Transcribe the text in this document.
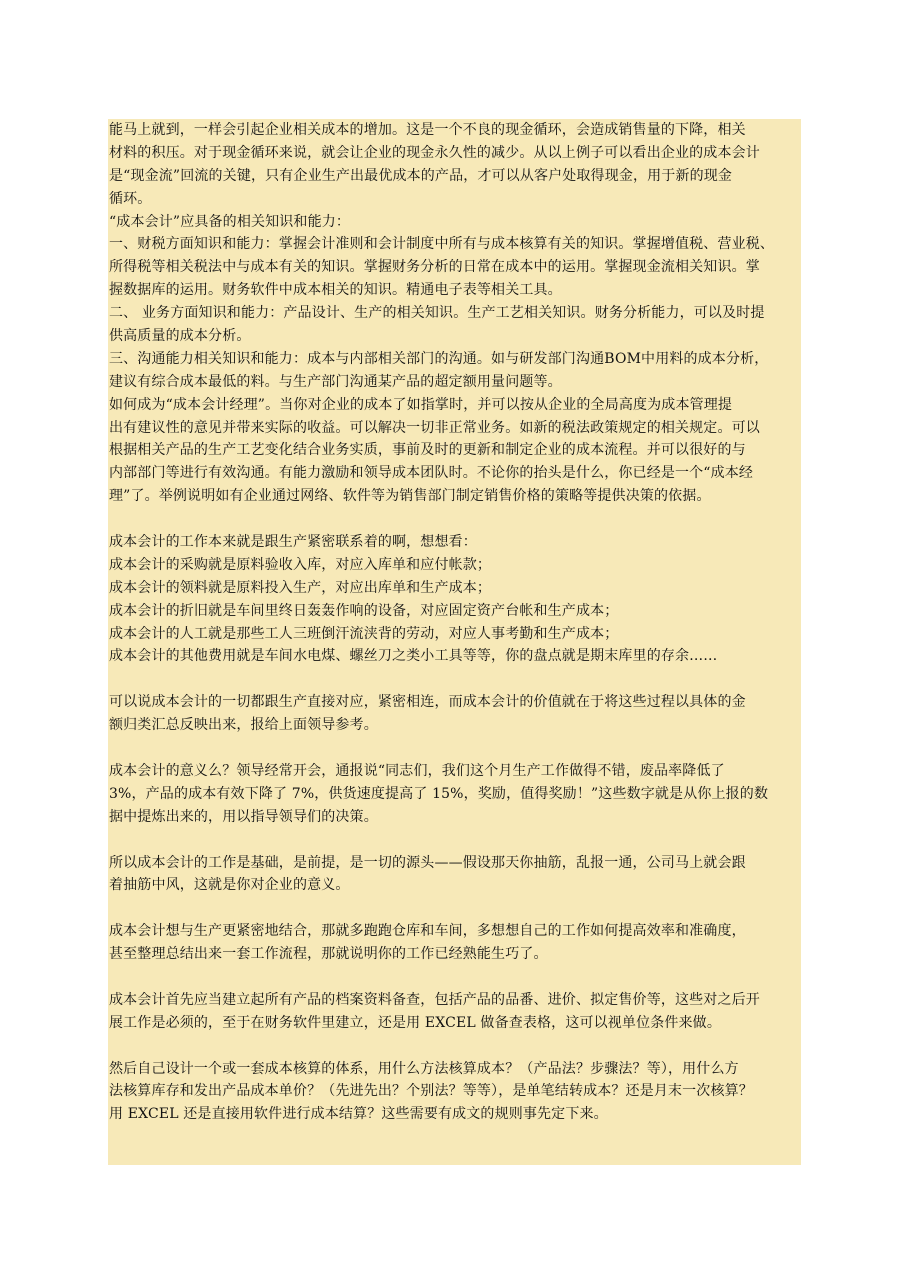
能马上就到，一样会引起企业相关成本的增加。这是一个不良的现金循环，会造成销售量的下降，相关
材料的积压。对于现金循环来说，就会让企业的现金永久性的减少。从以上例子可以看出企业的成本会计
是“现金流”回流的关键，只有企业生产出最优成本的产品，才可以从客户处取得现金，用于新的现金
循环。
“成本会计”应具备的相关知识和能力：
一、财税方面知识和能力：掌握会计准则和会计制度中所有与成本核算有关的知识。掌握增值税、营业税、
所得税等相关税法中与成本有关的知识。掌握财务分析的日常在成本中的运用。掌握现金流相关知识。掌
握数据库的运用。财务软件中成本相关的知识。精通电子表等相关工具。
二、 业务方面知识和能力：产品设计、生产的相关知识。生产工艺相关知识。财务分析能力，可以及时提
供高质量的成本分析。
三、沟通能力相关知识和能力：成本与内部相关部门的沟通。如与研发部门沟通BOM中用料的成本分析，
建议有综合成本最低的料。与生产部门沟通某产品的超定额用量问题等。
如何成为“成本会计经理”。当你对企业的成本了如指掌时，并可以按从企业的全局高度为成本管理提
出有建议性的意见并带来实际的收益。可以解决一切非正常业务。如新的税法政策规定的相关规定。可以
根据相关产品的生产工艺变化结合业务实质，事前及时的更新和制定企业的成本流程。并可以很好的与
内部部门等进行有效沟通。有能力激励和领导成本团队时。不论你的抬头是什么，你已经是一个“成本经
理”了。举例说明如有企业通过网络、软件等为销售部门制定销售价格的策略等提供决策的依据。
成本会计的工作本来就是跟生产紧密联系着的啊，想想看：
成本会计的采购就是原料验收入库，对应入库单和应付帐款；
成本会计的领料就是原料投入生产，对应出库单和生产成本；
成本会计的折旧就是车间里终日轰轰作响的设备，对应固定资产台帐和生产成本；
成本会计的人工就是那些工人三班倒汗流浃背的劳动，对应人事考勤和生产成本；
成本会计的其他费用就是车间水电煤、螺丝刀之类小工具等等，你的盘点就是期末库里的存余……
可以说成本会计的一切都跟生产直接对应，紧密相连，而成本会计的价值就在于将这些过程以具体的金
额归类汇总反映出来，报给上面领导参考。
成本会计的意义么？领导经常开会，通报说“同志们，我们这个月生产工作做得不错，废品率降低了
3%，产品的成本有效下降了 7%，供货速度提高了 15%，奖励，值得奖励！”这些数字就是从你上报的数
据中提炼出来的，用以指导领导们的决策。
所以成本会计的工作是基础，是前提，是一切的源头——假设那天你抽筋，乱报一通，公司马上就会跟
着抽筋中风，这就是你对企业的意义。
成本会计想与生产更紧密地结合，那就多跑跑仓库和车间，多想想自己的工作如何提高效率和准确度，
甚至整理总结出来一套工作流程，那就说明你的工作已经熟能生巧了。
成本会计首先应当建立起所有产品的档案资料备查，包括产品的品番、进价、拟定售价等，这些对之后开
展工作是必须的，至于在财务软件里建立，还是用 EXCEL 做备查表格，这可以视单位条件来做。
然后自己设计一个或一套成本核算的体系，用什么方法核算成本？（产品法？步骤法？等），用什么方
法核算库存和发出产品成本单价？（先进先出？个别法？等等），是单笔结转成本？还是月末一次核算？
用 EXCEL 还是直接用软件进行成本结算？这些需要有成文的规则事先定下来。
